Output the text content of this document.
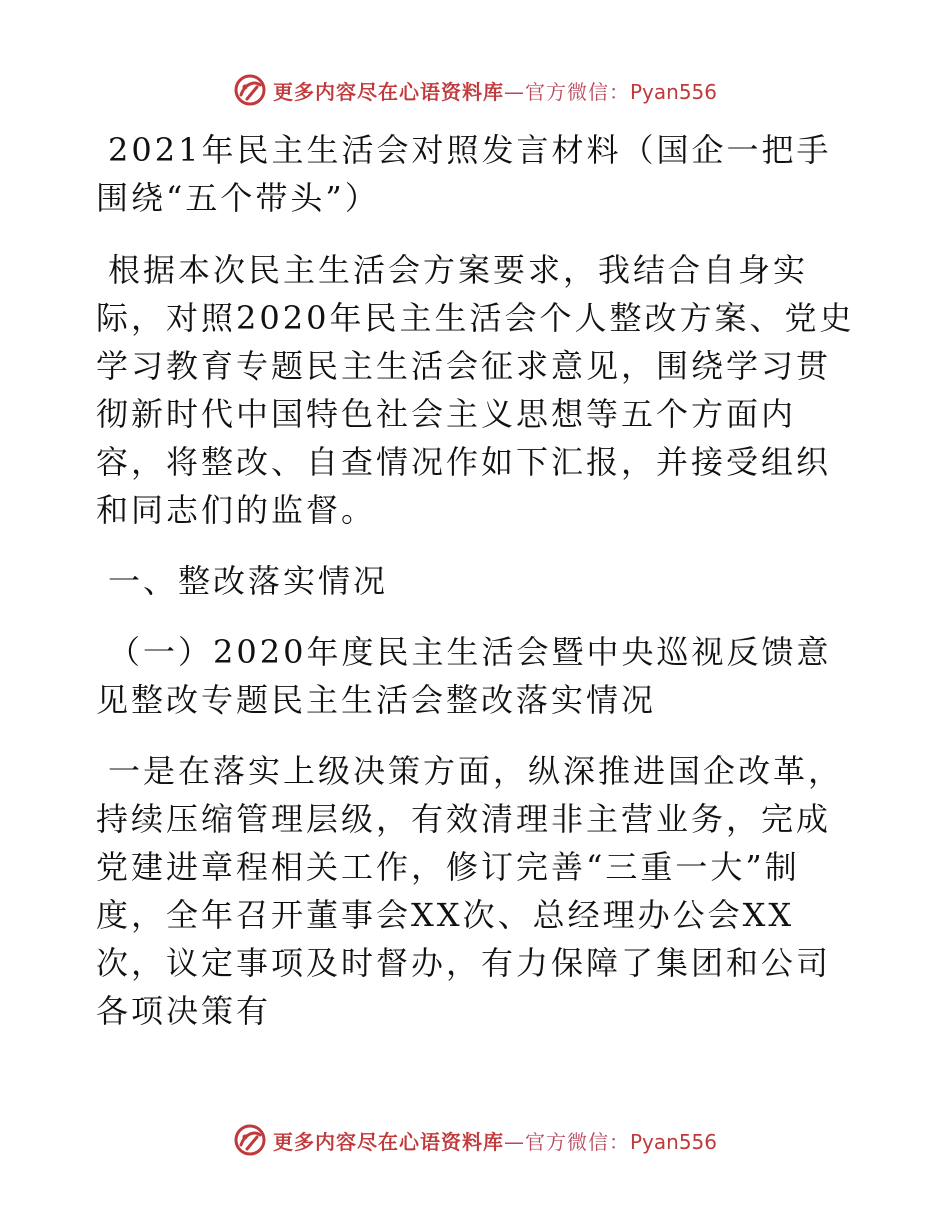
更多内容尽在心语资料库—官方微信：Pyan556

2021年民主生活会对照发言材料（国企一把手围绕“五个带头”）

根据本次民主生活会方案要求，我结合自身实际，对照2020年民主生活会个人整改方案、党史学习教育专题民主生活会征求意见，围绕学习贯彻新时代中国特色社会主义思想等五个方面内容，将整改、自查情况作如下汇报，并接受组织和同志们的监督。

一、整改落实情况

（一）2020年度民主生活会暨中央巡视反馈意见整改专题民主生活会整改落实情况

一是在落实上级决策方面，纵深推进国企改革，持续压缩管理层级，有效清理非主营业务，完成党建进章程相关工作，修订完善“三重一大”制度，全年召开董事会XX次、总经理办公会XX次，议定事项及时督办，有力保障了集团和公司各项决策有

更多内容尽在心语资料库—官方微信：Pyan556
